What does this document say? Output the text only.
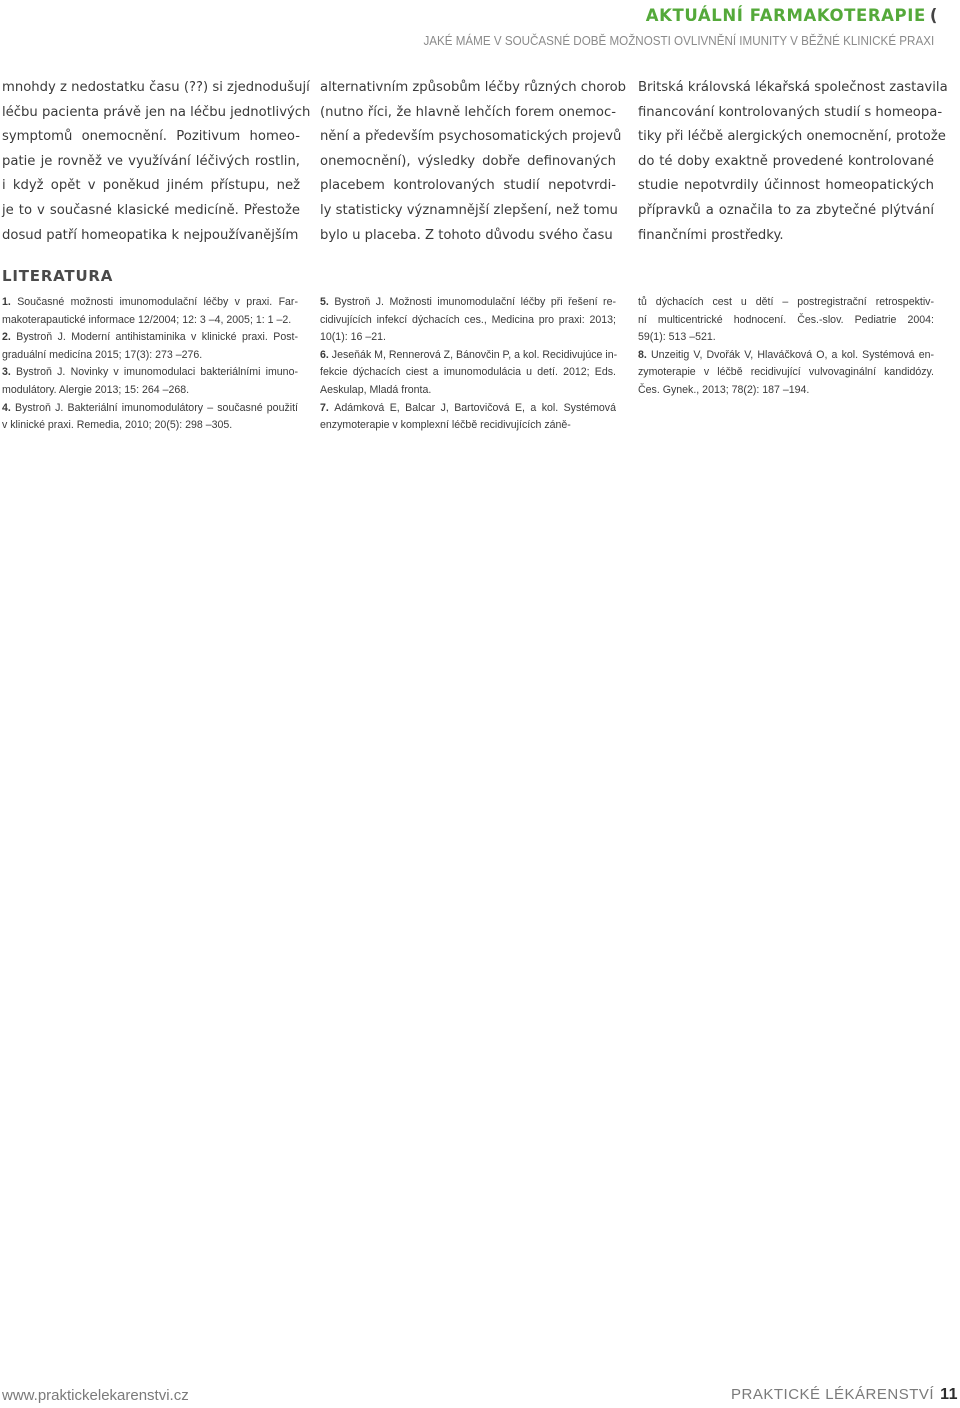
AKTUÁLNÍ FARMAKOTERAPIE (
JAKÉ MÁME V SOUČASNÉ DOBĚ MOŽNOSTI OVLIVNĚNÍ IMUNITY V BĚŽNÉ KLINICKÉ PRAXI
mnohdy z nedostatku času (??) si zjednodušují
léčbu pacienta právě jen na léčbu jednotlivých
symptomů onemocnění. Pozitivum homeo-
patie je rovněž ve využívání léčivých rostlin,
i když opět v poněkud jiném přístupu, než
je to v současné klasické medicíně. Přestože
dosud patří homeopatika k nejpoužívanějším
alternativním způsobům léčby různých chorob
(nutno říci, že hlavně lehčích forem onemoc-
nění a především psychosomatických projevů
onemocnění), výsledky dobře definovaných
placebem kontrolovaných studií nepotvrdi-
ly statisticky významnější zlepšení, než tomu
bylo u placeba. Z tohoto důvodu svého času
Britská královská lékařská společnost zastavila
financování kontrolovaných studií s homeopa-
tiky při léčbě alergických onemocnění, protože
do té doby exaktně provedené kontrolované
studie nepotvrdily účinnost homeopatických
přípravků a označila to za zbytečné plýtvání
finančními prostředky.
LITERATURA
1. Současné možnosti imunomodulační léčby v praxi. Far-
makoterapautické informace 12/2004; 12: 3 –4, 2005; 1: 1 –2.
2. Bystroň J. Moderní antihistaminika v klinické praxi. Post-
graduální medicína 2015; 17(3): 273 –276.
3. Bystroň J. Novinky v imunomodulaci bakteriálními imuno-
modulátory. Alergie 2013; 15: 264 –268.
4. Bystroň J. Bakteriální imunomodulátory – současné použití
v klinické praxi. Remedia, 2010; 20(5): 298 –305.
5. Bystroň J. Možnosti imunomodulační léčby při řešení re-
cidivujících infekcí dýchacích ces., Medicina pro praxi: 2013;
10(1): 16 –21.
6. Jeseňák M, Rennerová Z, Bánovčin P, a kol. Recidivujúce in-
fekcie dýchacích ciest a imunomodulácia u detí. 2012; Eds.
Aeskulap, Mladá fronta.
7. Adámková E, Balcar J, Bartovičová E, a kol. Systémová
enzymoterapie v komplexní léčbě recidivujících záně-
tů dýchacích cest u dětí – postregistrační retrospektiv-
ní multicentrické hodnocení. Čes.-slov. Pediatrie 2004:
59(1): 513 –521.
8. Unzeitig V, Dvořák V, Hlaváčková O, a kol. Systémová en-
zymoterapie v léčbě recidivující vulvovaginální kandidózy.
Čes. Gynek., 2013; 78(2): 187 –194.
www.praktickelekarenstvi.cz	PRAKTICKÉ LÉKÁRENSTVÍ 11
